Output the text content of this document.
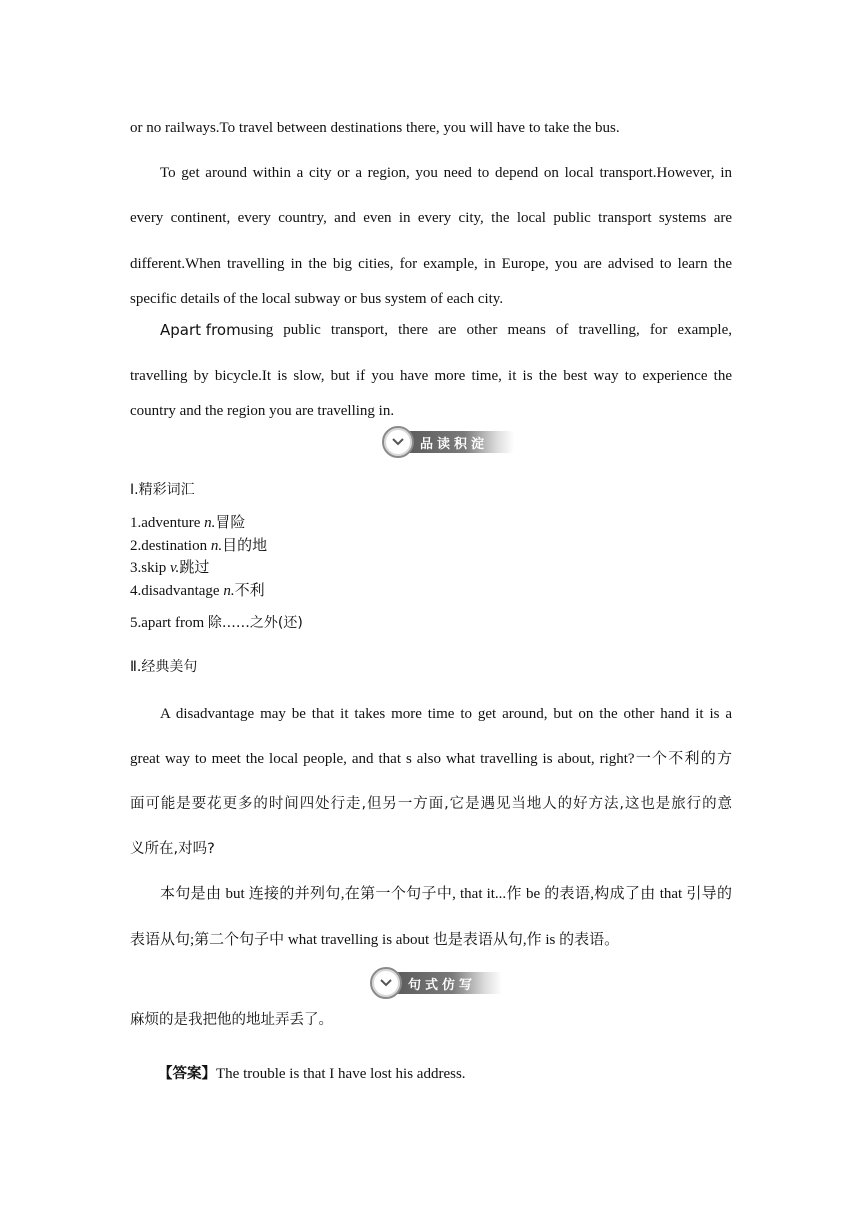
or no railways.To travel between destinations there, you will have to take the bus.
To get around within a city or a region, you need to depend on local transport.However, in
every continent, every country, and even in every city, the local public transport systems are
different.When travelling in the big cities, for example, in Europe, you are advised to learn the
specific details of the local subway or bus system of each city.
Apart from using public transport, there are other means of travelling, for example,
travelling by bicycle.It is slow, but if you have more time, it is the best way to experience the
country and the region you are travelling in.
品读积淀
Ⅰ.精彩词汇
1.adventure n.冒险
2.destination n.目的地
3.skip v.跳过
4.disadvantage n.不利
5.apart from 除……之外(还)
Ⅱ.经典美句
A disadvantage may be that it takes more time to get around, but on the other hand it is a
great way to meet the local people, and that s also what travelling is about, right?一个不利的方
面可能是要花更多的时间四处行走,但另一方面,它是遇见当地人的好方法,这也是旅行的意
义所在,对吗?
本句是由 but 连接的并列句,在第一个句子中, that it...作 be 的表语,构成了由 that 引导的
表语从句;第二个句子中 what travelling is about 也是表语从句,作 is 的表语。
句式仿写
麻烦的是我把他的地址弄丢了。
【答案】The trouble is that I have lost his address.
